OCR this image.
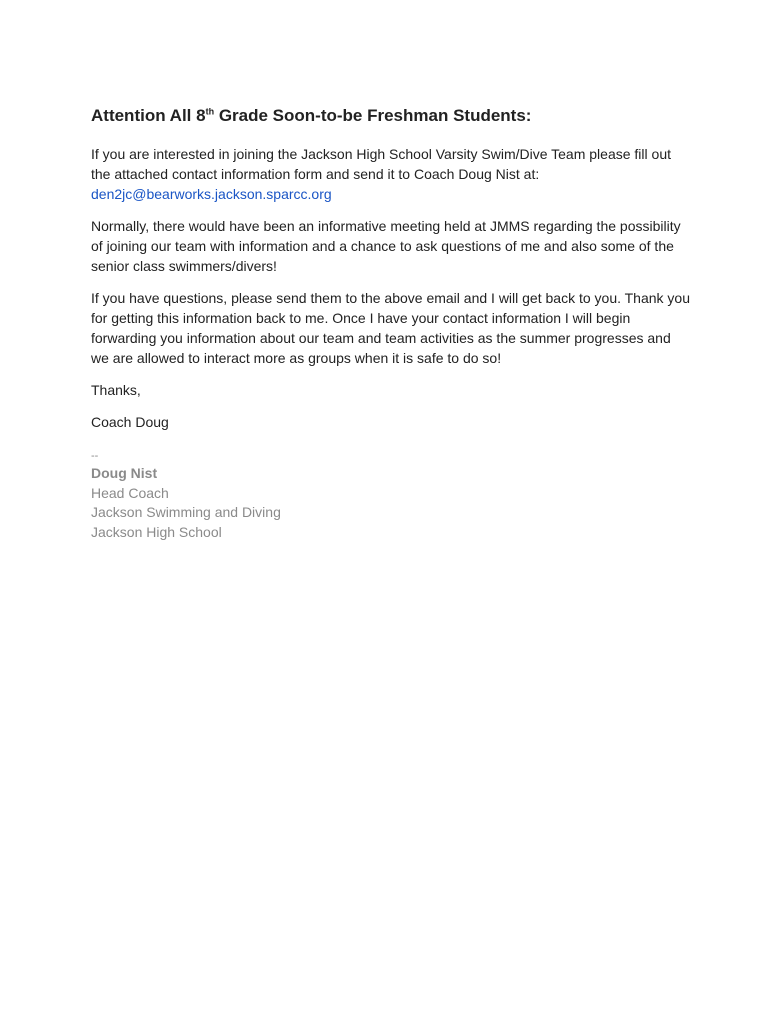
Attention All 8th Grade Soon-to-be Freshman Students:

If you are interested in joining the Jackson High School Varsity Swim/Dive Team please fill out the attached contact information form and send it to Coach Doug Nist at:
den2jc@bearworks.jackson.sparcc.org

Normally, there would have been an informative meeting held at JMMS regarding the possibility of joining our team with information and a chance to ask questions of me and also some of the senior class swimmers/divers!

If you have questions, please send them to the above email and I will get back to you. Thank you for getting this information back to me. Once I have your contact information I will begin forwarding you information about our team and team activities as the summer progresses and we are allowed to interact more as groups when it is safe to do so!

Thanks,

Coach Doug

--
Doug Nist
Head Coach
Jackson Swimming and Diving
Jackson High School
